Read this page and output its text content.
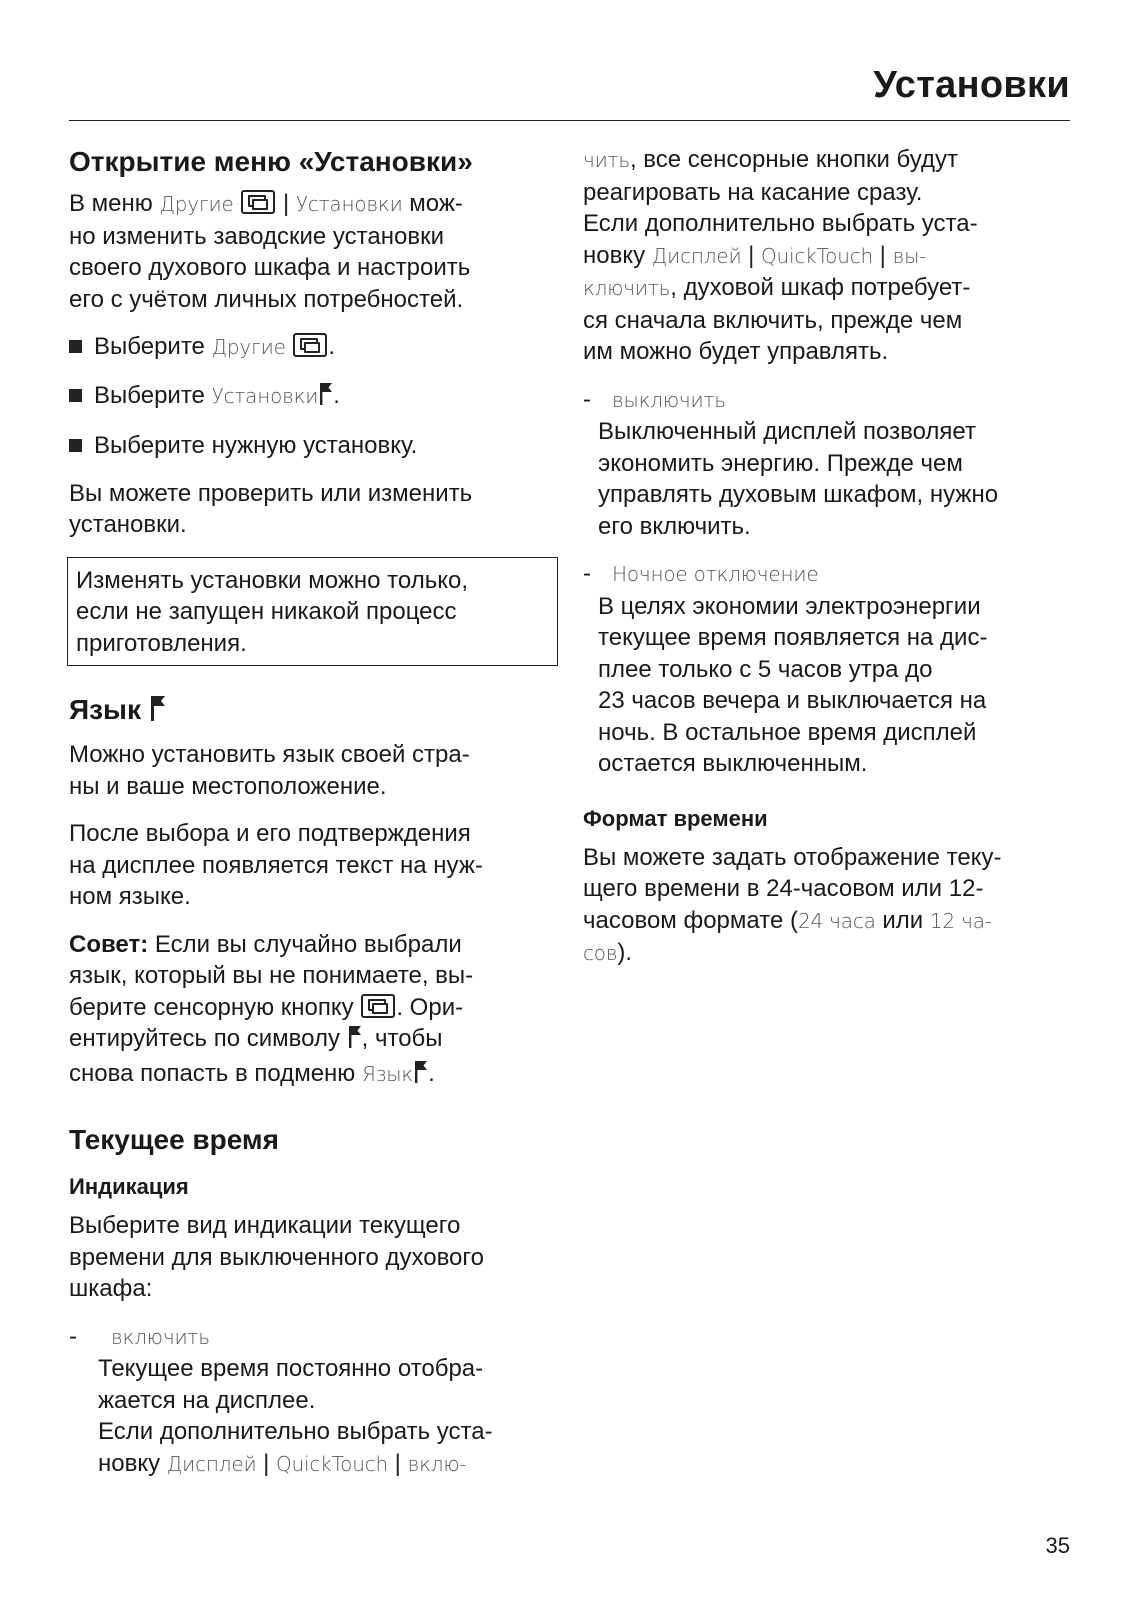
Установки
Открытие меню «Установки»
В меню Другие | Установки мож-
но изменить заводские установки
своего духового шкафа и настроить
его с учётом личных потребностей.
Выберите Другие .
Выберите Установки .
Выберите нужную установку.
Вы можете проверить или изменить
установки.
Изменять установки можно только,
если не запущен никакой процесс
приготовления.
Язык
Можно установить язык своей стра-
ны и ваше местоположение.
После выбора и его подтверждения
на дисплее появляется текст на нуж-
ном языке.
Совет: Если вы случайно выбрали
язык, который вы не понимаете, вы-
берите сенсорную кнопку . Ори-
ентируйтесь по символу , чтобы
снова попасть в подменю Язык .
Текущее время
Индикация
Выберите вид индикации текущего
времени для выключенного духового
шкафа:
- включить
Текущее время постоянно отобра-
жается на дисплее.
Если дополнительно выбрать уста-
новку Дисплей | QuickTouch | вклю-
чить, все сенсорные кнопки будут
реагировать на касание сразу.
Если дополнительно выбрать уста-
новку Дисплей | QuickTouch | вы-
ключить, духовой шкаф потребует-
ся сначала включить, прежде чем
им можно будет управлять.
- выключить
Выключенный дисплей позволяет
экономить энергию. Прежде чем
управлять духовым шкафом, нужно
его включить.
- Ночное отключение
В целях экономии электроэнергии
текущее время появляется на дис-
плее только с 5 часов утра до
23 часов вечера и выключается на
ночь. В остальное время дисплей
остается выключенным.
Формат времени
Вы можете задать отображение теку-
щего времени в 24-часовом или 12-
часовом формате (24 часа или 12 ча-
сов).
35
